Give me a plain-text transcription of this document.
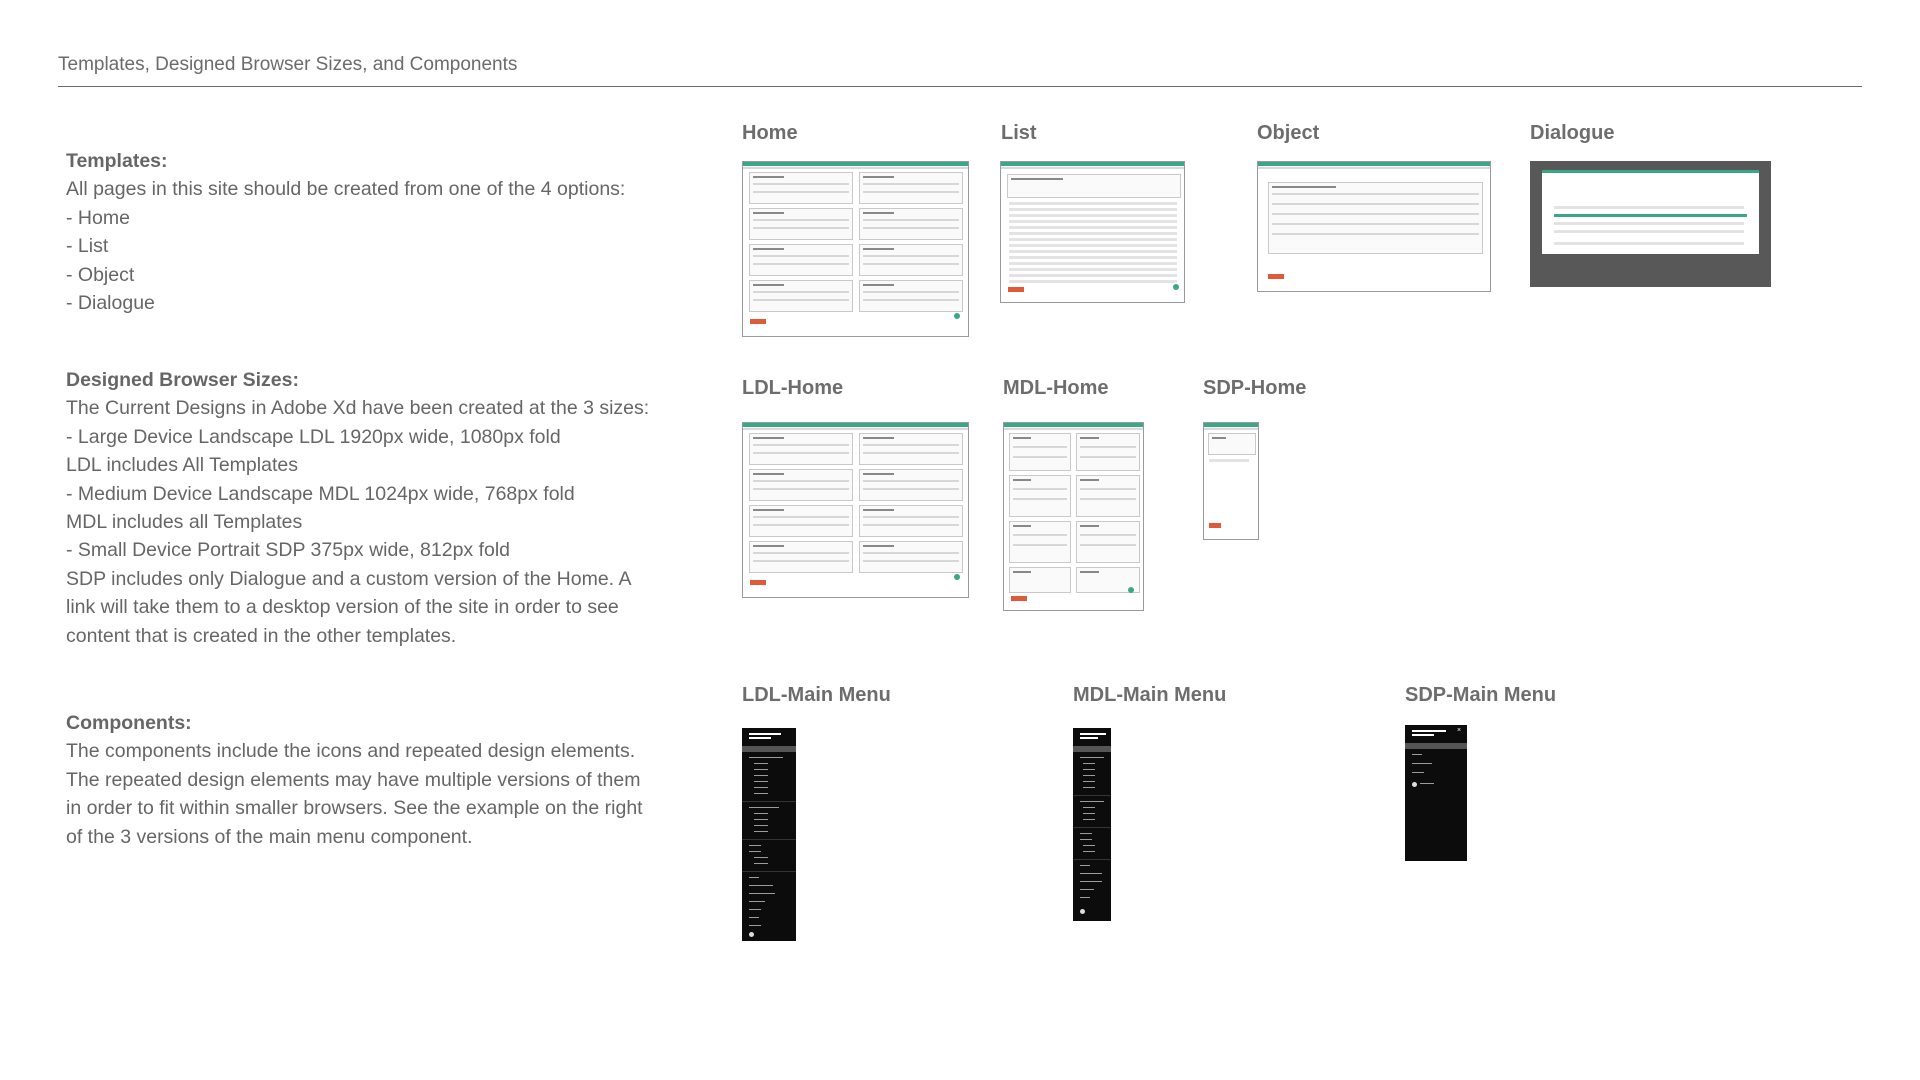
Templates, Designed Browser Sizes, and Components
Templates:
All pages in this site should be created from one of the 4 options:
- Home
- List
- Object
- Dialogue
Designed Browser Sizes:
The Current Designs in Adobe Xd have been created at the 3 sizes:
- Large Device Landscape LDL 1920px wide, 1080px fold
LDL includes All Templates
- Medium Device Landscape MDL 1024px wide, 768px fold
MDL includes all Templates
- Small Device Portrait SDP 375px wide, 812px fold
SDP includes only Dialogue and a custom version of the Home. A
link will take them to a desktop version of the site in order to see
content that is created in the other templates.
Components:
The components include the icons and repeated design elements.
The repeated design elements may have multiple versions of them
in order to fit within smaller browsers. See the example on the right
of the 3 versions of the main menu component.
Home	List	Object	Dialogue
LDL-Home	MDL-Home	SDP-Home
LDL-Main Menu	MDL-Main Menu	SDP-Main Menu
×
